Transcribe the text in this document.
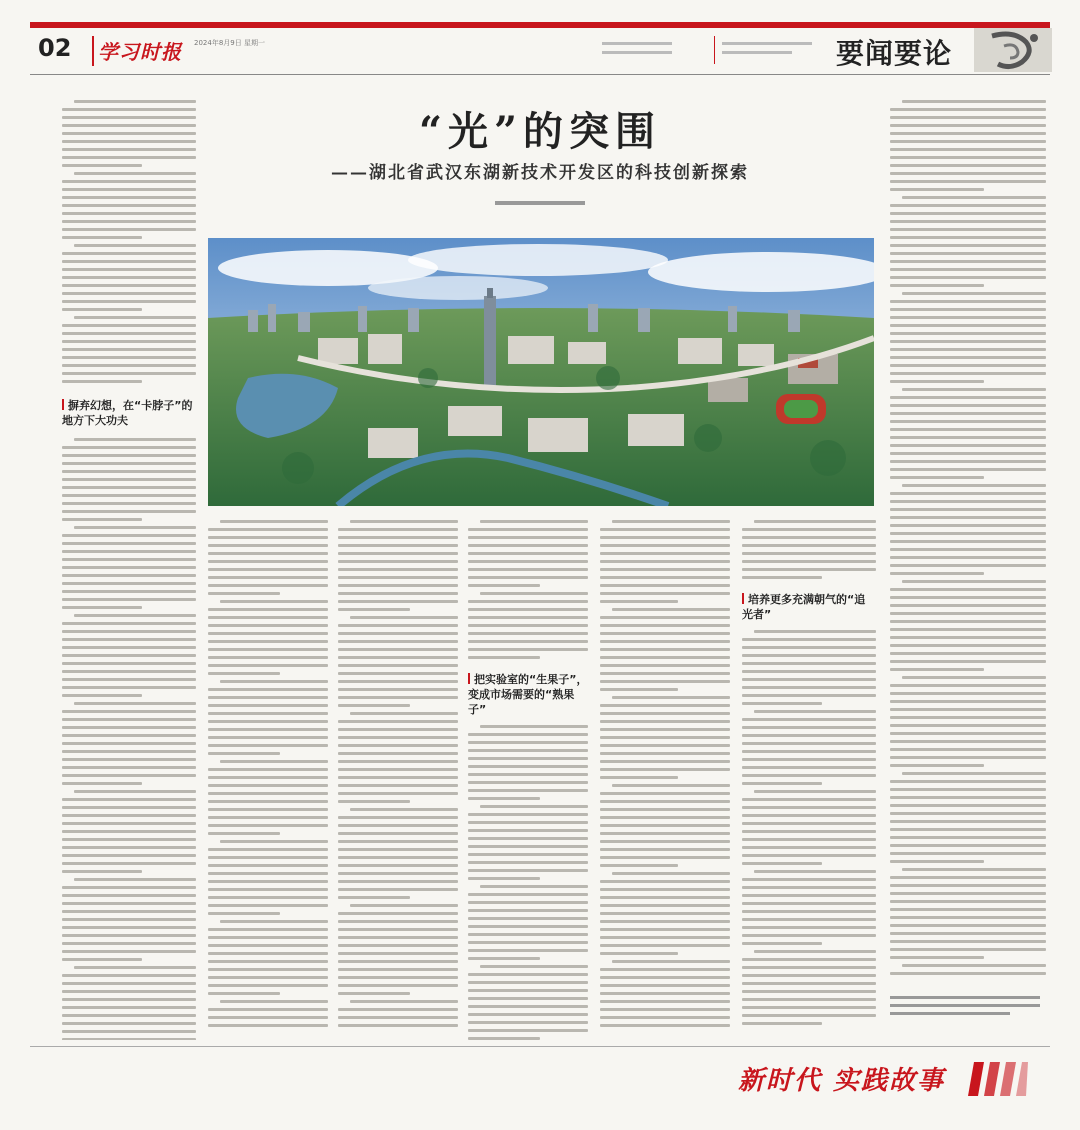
02 学习时报 2024年8月9日 星期一	要闻要论
“光”的突围
——湖北省武汉东湖新技术开发区的科技创新探索
摒弃幻想，在“卡脖子”的地方下大功夫
把实验室的“生果子”，变成市场需要的“熟果子”
培养更多充满朝气的“追光者”
新时代 实践故事
